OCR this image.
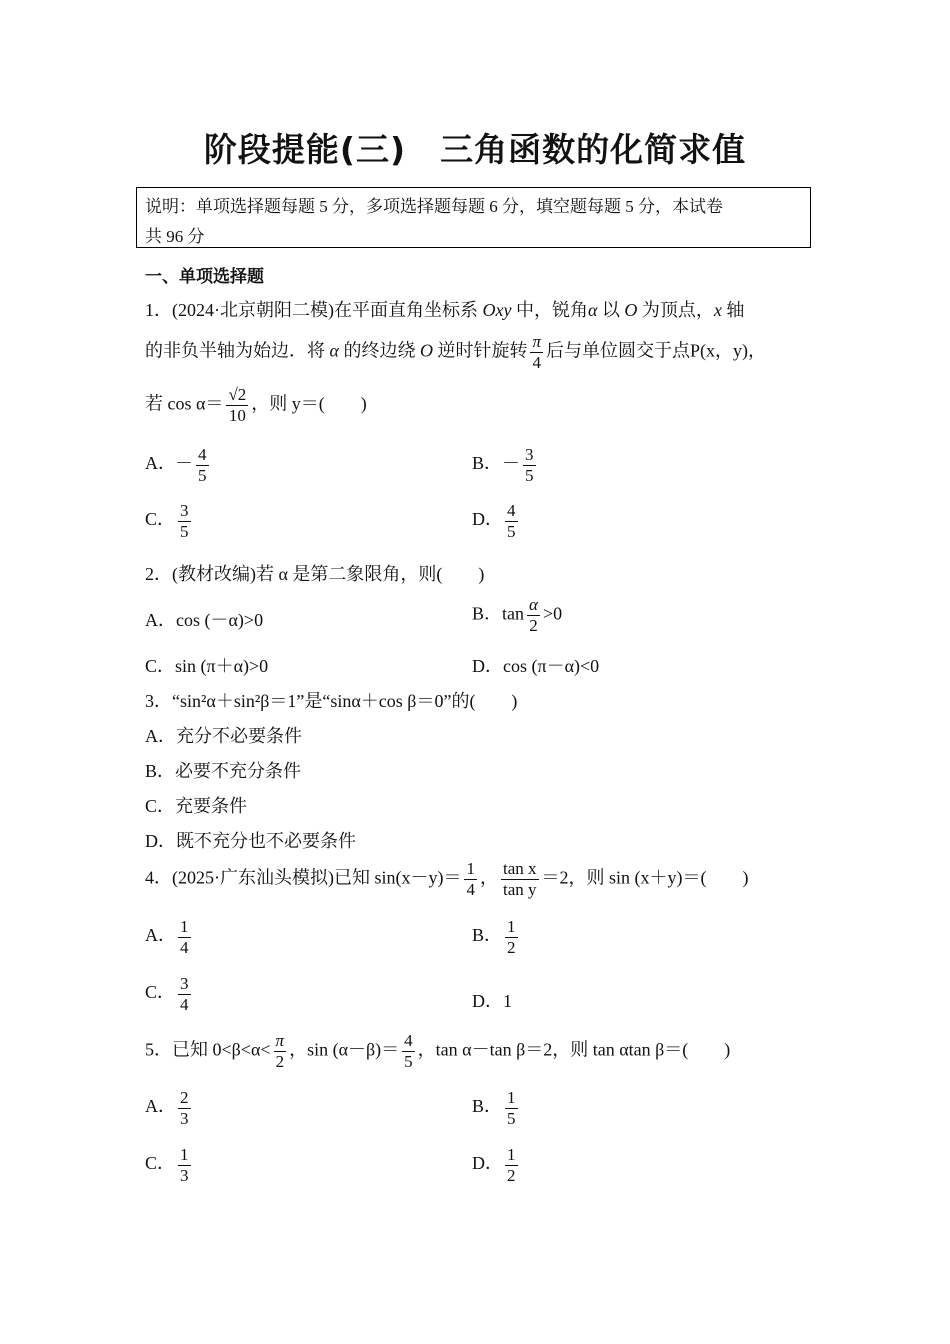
阶段提能(三)　三角函数的化简求值
说明：单项选择题每题 5 分，多项选择题每题 6 分，填空题每题 5 分，本试卷
共 96 分
一、单项选择题
1．(2024·北京朝阳二模)在平面直角坐标系 Oxy 中，锐角α 以 O 为顶点，x 轴
的非负半轴为始边．将 α 的终边绕 O 逆时针旋转 $\frac{\pi}{4}$ 后与单位圆交于点P(x，y)，
若 $\cos \alpha= \frac{√2}{10}$ ，则 y＝(　　)
A．－ $\frac{4}{5}$	B．－ $\frac{3}{5}$
C． $\frac{3}{5}$	D． $\frac{4}{5}$
2．(教材改编)若 α 是第二象限角，则(　　)
A．cos (－α)>0	B．$\tan \frac{\alpha}{2} >0$
C．sin (π＋α)>0	D．cos (π－α)<0
3．“sin²α＋sin²β＝1”是“sinα＋cos β＝0”的(　　)
A．充分不必要条件
B．必要不充分条件
C．充要条件
D．既不充分也不必要条件
4．(2025·广东汕头模拟)已知 $\sin(x-y)= \frac{1}{4}$ ， $\frac{\text{tan x}}{\text{tan y}} =2$，则 sin (x＋y)＝(　　)
A． $\frac{1}{4}$	B． $\frac{1}{2}$
C． $\frac{3}{4}$	D．1
5．已知 $0<\beta<\alpha< \frac{\pi}{2}$ ，$\sin (\alpha-\beta)= \frac{4}{5}$ ，tan α－tan β＝2，则 tan αtan β＝(　　)
A． $\frac{2}{3}$	B． $\frac{1}{5}$
C． $\frac{1}{3}$	D． $\frac{1}{2}$
